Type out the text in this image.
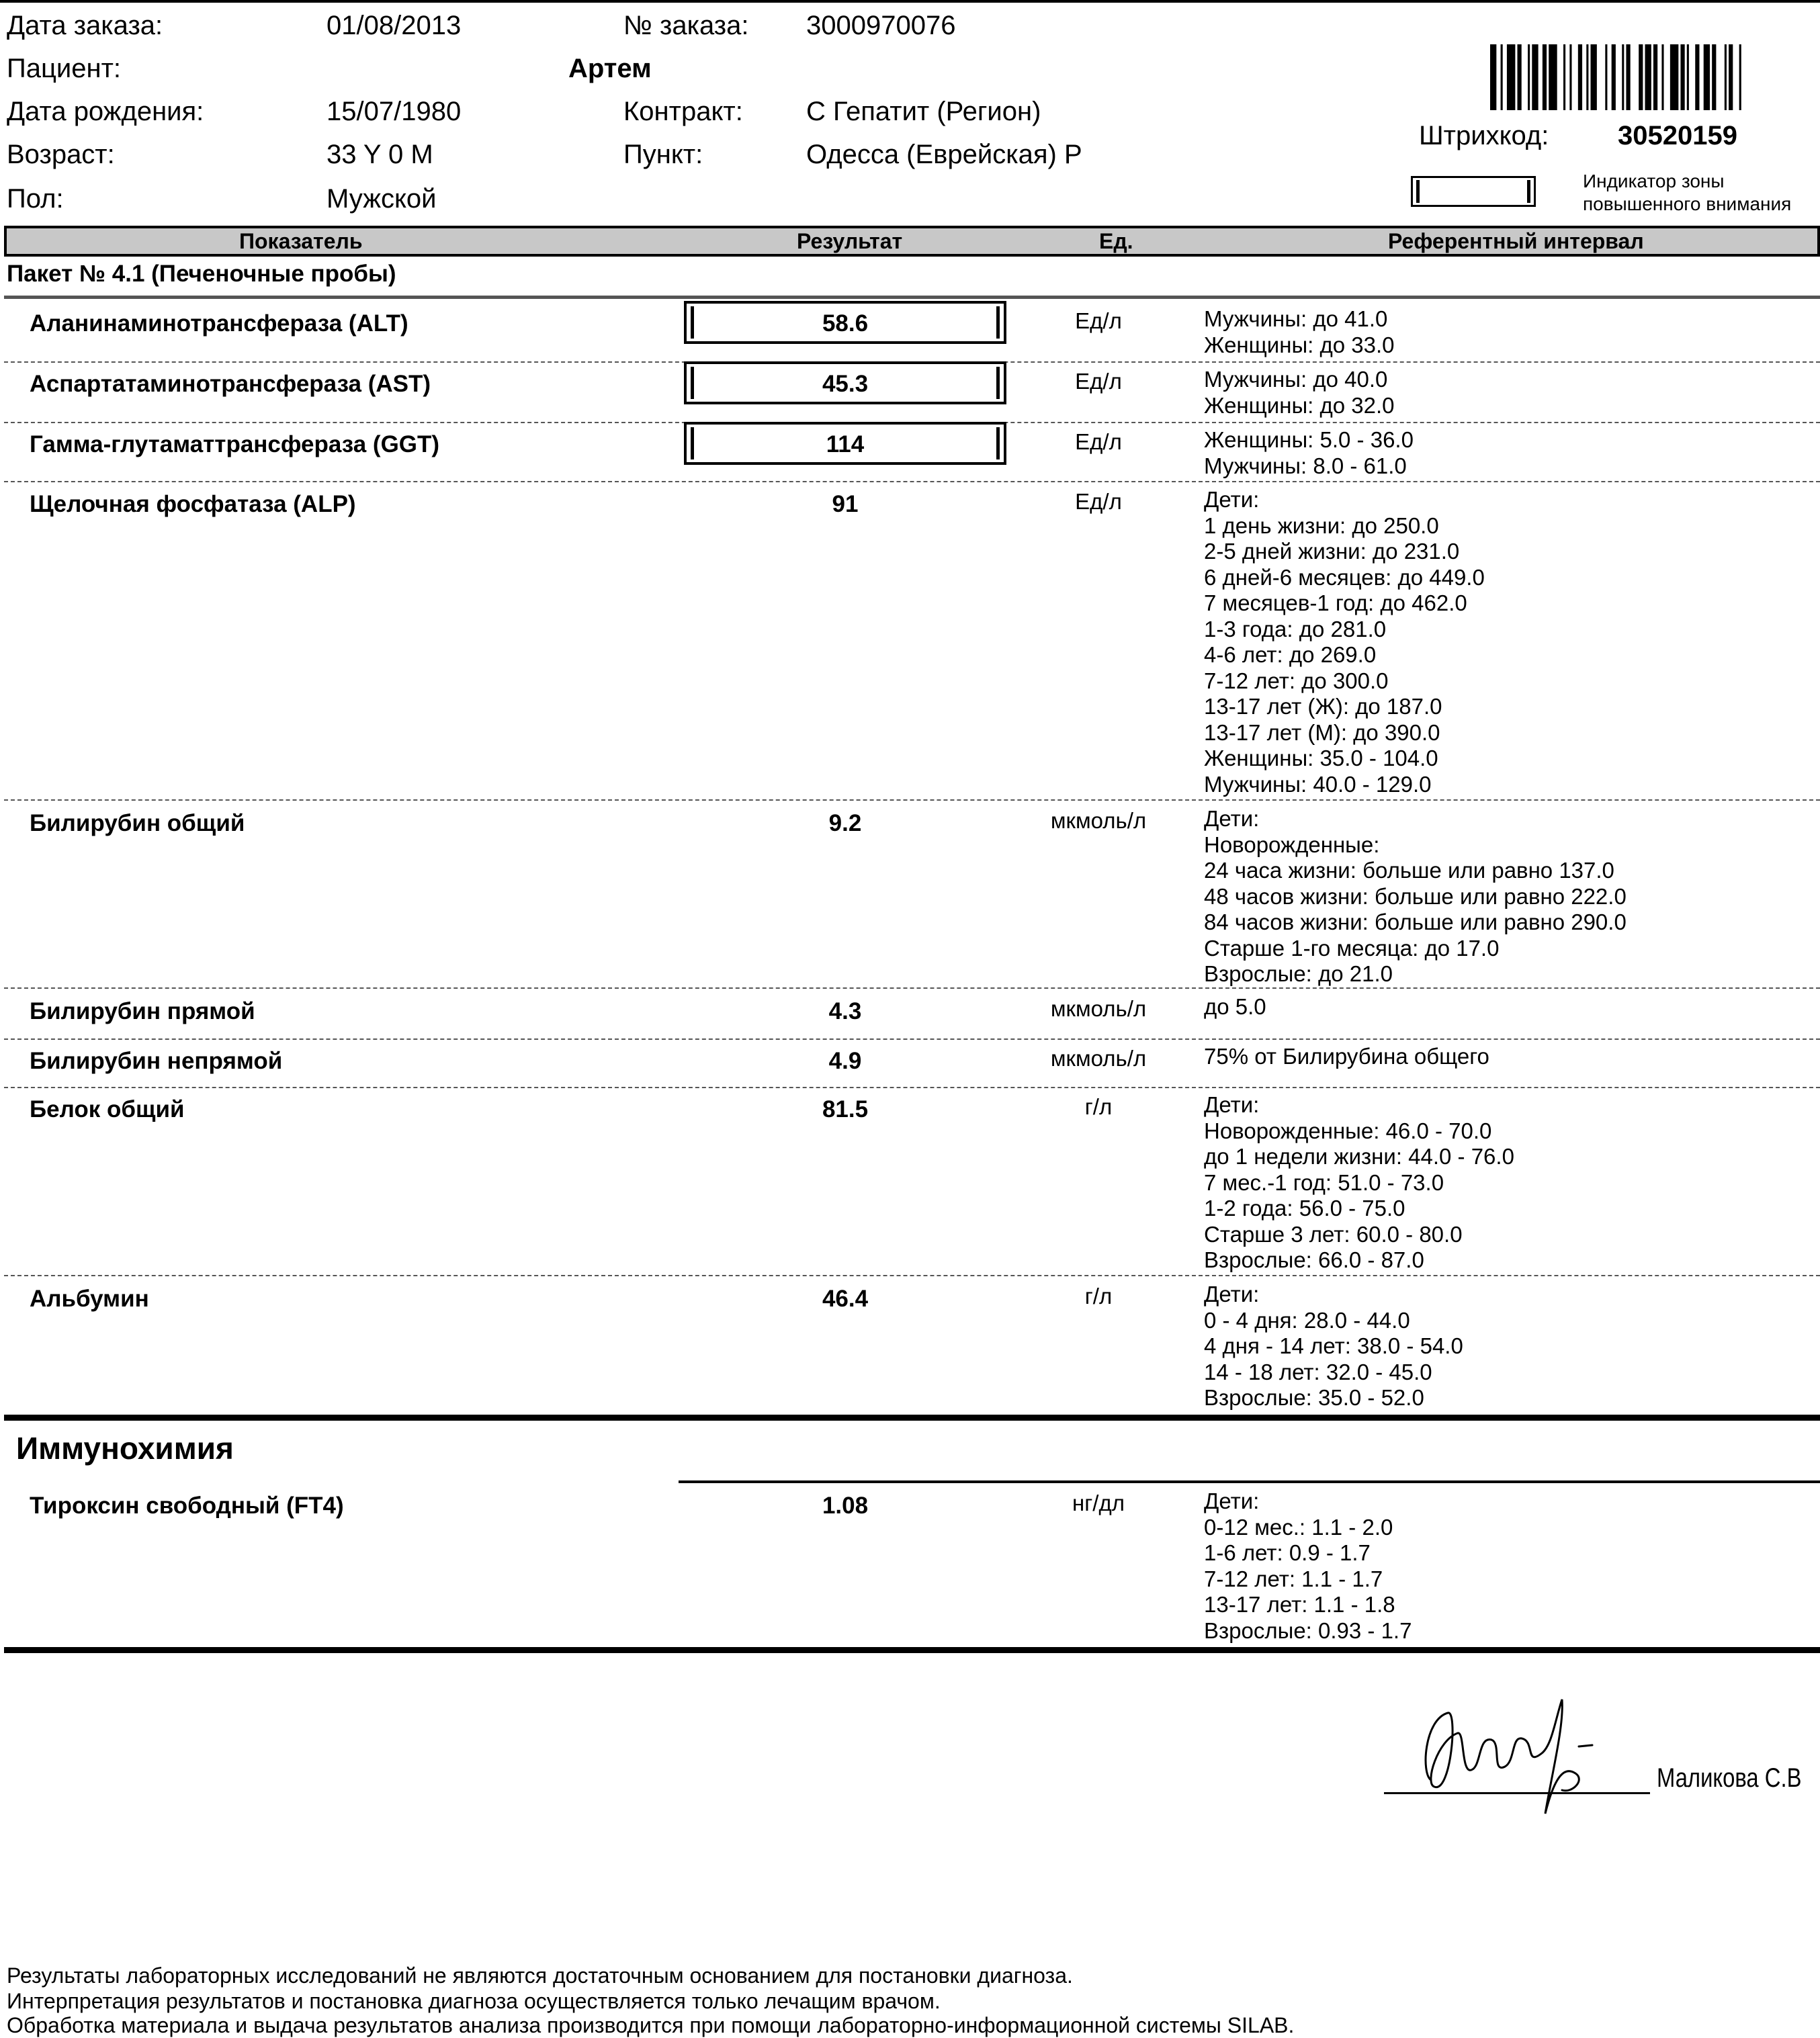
Дата заказа:	01/08/2013	№ заказа: 3000970076
Пациент:	Артем
Дата рождения:	15/07/1980	Контракт: С Гепатит (Регион)
Возраст:	33 Y 0 M	Пункт:	Одесса (Еврейская) Р
Пол:	Мужской
Штрихкод:	30520159
Индикатор зоны
повышенного внимания
Показатель	Результат	Ед.	Референтный интервал
Пакет № 4.1 (Печеночные пробы)
Аланинаминотрансфераза (ALT)	58.6	Ед/л	Мужчины: до 41.0
Женщины: до 33.0
Аспартатаминотрансфераза (AST)	45.3	Ед/л	Мужчины: до 40.0
Женщины: до 32.0
Гамма-глутаматтрансфераза (GGT)	114	Ед/л	Женщины: 5.0 - 36.0
Мужчины: 8.0 - 61.0
Щелочная фосфатаза (ALP)	91	Ед/л	Дети:
1 день жизни: до 250.0
2-5 дней жизни: до 231.0
6 дней-6 месяцев: до 449.0
7 месяцев-1 год: до 462.0
1-3 года: до 281.0
4-6 лет: до 269.0
7-12 лет: до 300.0
13-17 лет (Ж): до 187.0
13-17 лет (М): до 390.0
Женщины: 35.0 - 104.0
Мужчины: 40.0 - 129.0
Билирубин общий	9.2	мкмоль/л	Дети:
Новорожденные:
24 часа жизни: больше или равно 137.0
48 часов жизни: больше или равно 222.0
84 часов жизни: больше или равно 290.0
Старше 1-го месяца: до 17.0
Взрослые: до 21.0
Билирубин прямой	4.3	мкмоль/л	до 5.0
Билирубин непрямой	4.9	мкмоль/л	75% от Билирубина общего
Белок общий	81.5	г/л	Дети:
Новорожденные: 46.0 - 70.0
до 1 недели жизни: 44.0 - 76.0
7 мес.-1 год: 51.0 - 73.0
1-2 года: 56.0 - 75.0
Старше 3 лет: 60.0 - 80.0
Взрослые: 66.0 - 87.0
Альбумин	46.4	г/л	Дети:
0 - 4 дня: 28.0 - 44.0
4 дня - 14 лет: 38.0 - 54.0
14 - 18 лет: 32.0 - 45.0
Взрослые: 35.0 - 52.0
Иммунохимия
Тироксин свободный (FT4)	1.08	нг/дл	Дети:
0-12 мес.: 1.1 - 2.0
1-6 лет: 0.9 - 1.7
7-12 лет: 1.1 - 1.7
13-17 лет: 1.1 - 1.8
Взрослые: 0.93 - 1.7
Маликова С.В
Результаты лабораторных исследований не являются достаточным основанием для постановки диагноза.
Интерпретация результатов и постановка диагноза осуществляется только лечащим врачом.
Обработка материала и выдача результатов анализа производится при помощи лабораторно-информационной системы SILAB.
